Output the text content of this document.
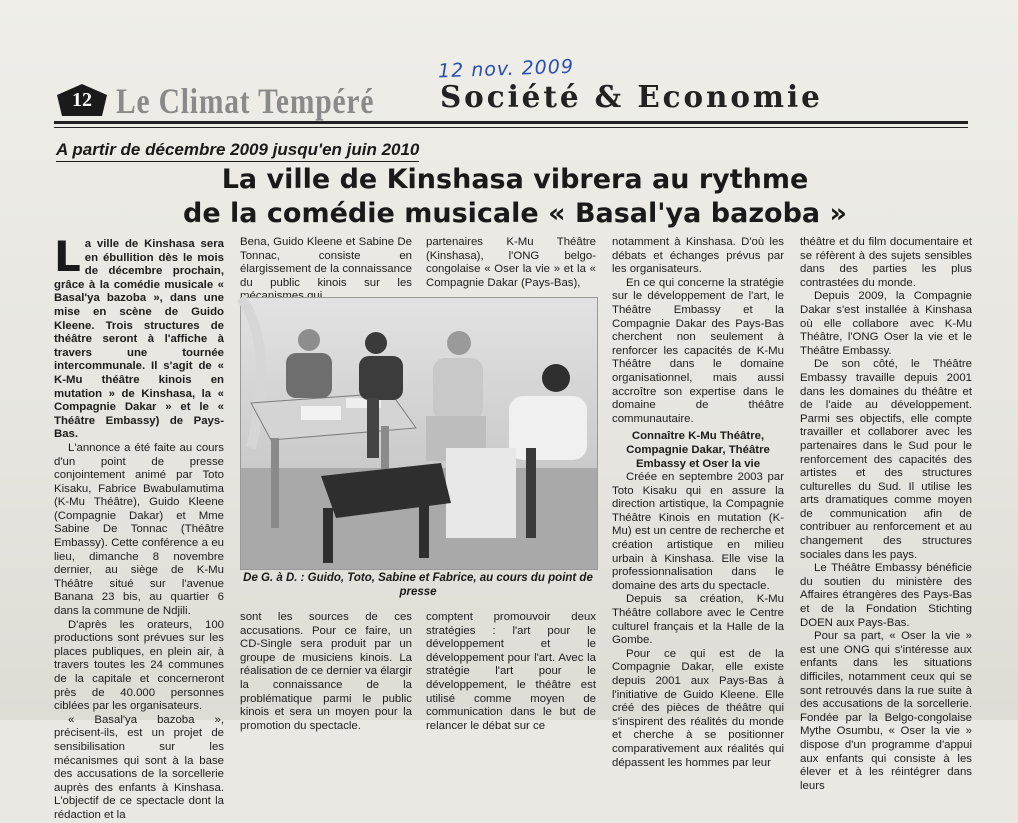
12 nov. 2009
12 Le Climat Tempéré Société & Economie
A partir de décembre 2009 jusqu'en juin 2010
La ville de Kinshasa vibrera au rythme
de la comédie musicale « Basal'ya bazoba »

La ville de Kinshasa sera en ébullition dès le mois de décembre prochain, grâce à la comédie musicale « Basal'ya bazoba », dans une mise en scène de Guido Kleene. Trois structures de théâtre seront à l'affiche à travers une tournée intercommunale. Il s'agit de « K-Mu théâtre kinois en mutation » de Kinshasa, la « Compagnie Dakar » et le « Théâtre Embassy) de Pays-Bas.

L'annonce a été faite au cours d'un point de presse conjointement animé par Toto Kisaku, Fabrice Bwabulamutima (K-Mu Théâtre), Guido Kleene (Compagnie Dakar) et Mme Sabine De Tonnac (Théâtre Embassy). Cette conférence a eu lieu, dimanche 8 novembre dernier, au siège de K-Mu Théâtre situé sur l'avenue Banana 23 bis, au quartier 6 dans la commune de Ndjili.

D'après les orateurs, 100 productions sont prévues sur les places publiques, en plein air, à travers toutes les 24 communes de la capitale et concerneront près de 40.000 personnes ciblées par les organisateurs.

« Basal'ya bazoba », précisent-ils, est un projet de sensibilisation sur les mécanismes qui sont à la base des accusations de la sorcellerie auprès des enfants à Kinshasa. L'objectif de ce spectacle dont la rédaction et la

Bena, Guido Kleene et Sabine De Tonnac, consiste en élargissement de la connaissance du public kinois sur les

partenaires K-Mu Théâtre (Kinshasa), l'ONG belgo-congolaise « Oser la vie » et la « Compagnie Dakar (Pays-Bas),

De G. à D. : Guido, Toto, Sabine et Fabrice, au cours du point de presse

sont les sources de ces accusations. Pour ce faire, un CD-Single sera produit par un groupe de musiciens kinois. La réalisation de ce dernier va élargir la connaissance de la problématique parmi le public kinois et sera un moyen pour la promotion du spectacle.

comptent promouvoir deux stratégies : l'art pour le développement et le développement pour l'art. Avec la stratégie l'art pour le développement, le théâtre est utilisé comme moyen de communication dans le but de relancer le débat sur ce

notamment à Kinshasa. D'où les débats et échanges prévus par les organisateurs.

En ce qui concerne la stratégie sur le développement de l'art, le Théâtre Embassy et la Compagnie Dakar des Pays-Bas cherchent non seulement à renforcer les capacités de K-Mu Théâtre dans le domaine organisationnel, mais aussi accroître son expertise dans le domaine de théâtre communautaire.

Connaître K-Mu Théâtre, Compagnie Dakar, Théâtre Embassy et Oser la vie

Créée en septembre 2003 par Toto Kisaku qui en assure la direction artistique, la Compagnie Théâtre Kinois en mutation (K-Mu) est un centre de recherche et création artistique en milieu urbain à Kinshasa. Elle vise la professionnalisation dans le domaine des arts du spectacle.

Depuis sa création, K-Mu Théâtre collabore avec le Centre culturel français et la Halle de la Gombe.

Pour ce qui est de la Compagnie Dakar, elle existe depuis 2001 aux Pays-Bas à l'initiative de Guido Kleene. Elle créé des pièces de théâtre qui s'inspirent des réalités du monde et cherche à se positionner comparativement aux réalités qui dépassent les hommes par leur

théâtre et du film documentaire et se réfèrent à des sujets sensibles dans des parties les plus contrastées du monde.

Depuis 2009, la Compagnie Dakar s'est installée à Kinshasa où elle collabore avec K-Mu Théâtre, l'ONG Oser la vie et le Théâtre Embassy.

De son côté, le Théâtre Embassy travaille depuis 2001 dans les domaines du théâtre et de l'aide au développement. Parmi ses objectifs, elle compte travailler et collaborer avec les partenaires dans le Sud pour le renforcement des capacités des artistes et des structures culturelles du Sud. Il utilise les arts dramatiques comme moyen de communication afin de contribuer au renforcement et au changement des structures sociales dans les pays.

Le Théâtre Embassy bénéficie du soutien du ministère des Affaires étrangères des Pays-Bas et de la Fondation Stichting DOEN aux Pays-Bas.

Pour sa part, « Oser la vie » est une ONG qui s'intéresse aux enfants dans les situations difficiles, notamment ceux qui se sont retrouvés dans la rue suite à des accusations de la sorcellerie. Fondée par la Belgo-congolaise Mythe Osumbu, « Oser la vie » dispose d'un programme d'appui aux enfants qui consiste à les élever et à les réintégrer dans leurs
